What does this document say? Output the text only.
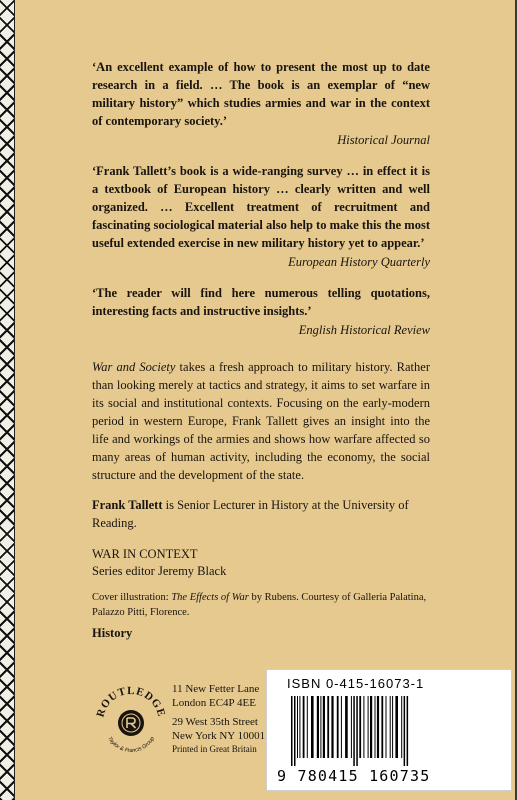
‘An excellent example of how to present the most up to date research in a field. … The book is an exemplar of “new military history” which studies armies and war in the context of contemporary society.’

Historical Journal

‘Frank Tallett’s book is a wide-ranging survey … in effect it is a textbook of European history … clearly written and well organized. … Excellent treatment of recruitment and fascinating sociological material also help to make this the most useful extended exercise in new military history yet to appear.’

European History Quarterly

‘The reader will find here numerous telling quotations, interesting facts and instructive insights.’

English Historical Review

War and Society takes a fresh approach to military history. Rather than looking merely at tactics and strategy, it aims to set warfare in its social and institutional contexts. Focusing on the early-modern period in western Europe, Frank Tallett gives an insight into the life and workings of the armies and shows how warfare affected so many areas of human activity, including the economy, the social structure and the development of the state.

Frank Tallett is Senior Lecturer in History at the University of Reading.

WAR IN CONTEXT

Series editor Jeremy Black

Cover illustration: The Effects of War by Rubens. Courtesy of Galleria Palatina, Palazzo Pitti, Florence.

History

ROUTLEDGE
Taylor & Francis Group
11 New Fetter Lane
London EC4P 4EE
29 West 35th Street
New York NY 10001
Printed in Great Britain
ISBN 0-415-16073-1
9 780415 160735
